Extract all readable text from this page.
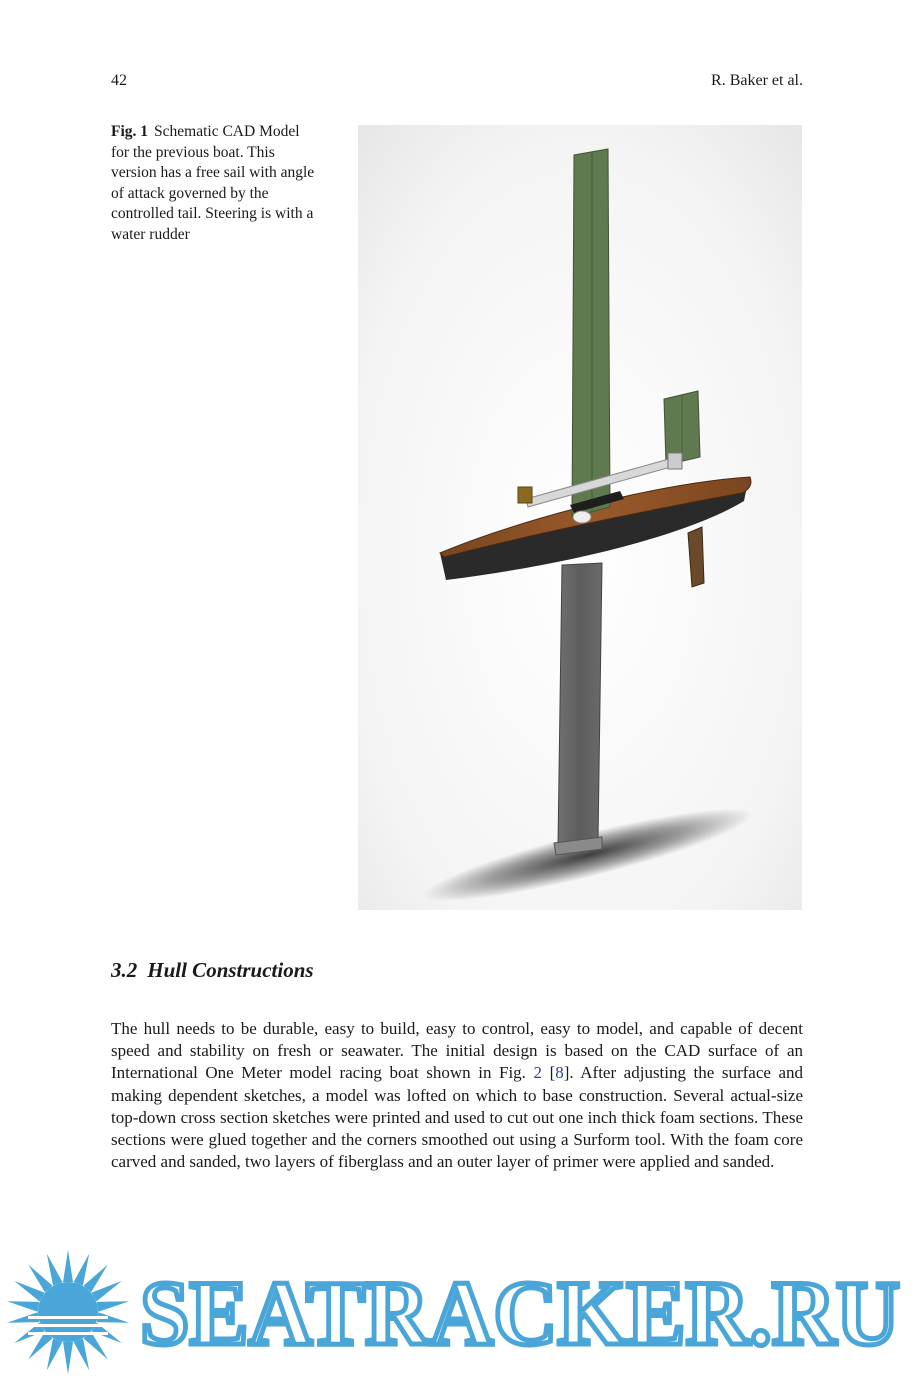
42	R. Baker et al.
Fig. 1 Schematic CAD Model for the previous boat. This version has a free sail with angle of attack governed by the controlled tail. Steering is with a water rudder
3.2 Hull Constructions
The hull needs to be durable, easy to build, easy to control, easy to model, and capable of decent speed and stability on fresh or seawater. The initial design is based on the CAD surface of an International One Meter model racing boat shown in Fig. 2 [8]. After adjusting the surface and making dependent sketches, a model was lofted on which to base construction. Several actual-size top-down cross section sketches were printed and used to cut out one inch thick foam sections. These sections were glued together and the corners smoothed out using a Surform tool. With the foam core carved and sanded, two layers of fiberglass and an outer layer of primer were applied and sanded.
SEATRACKER.RU
